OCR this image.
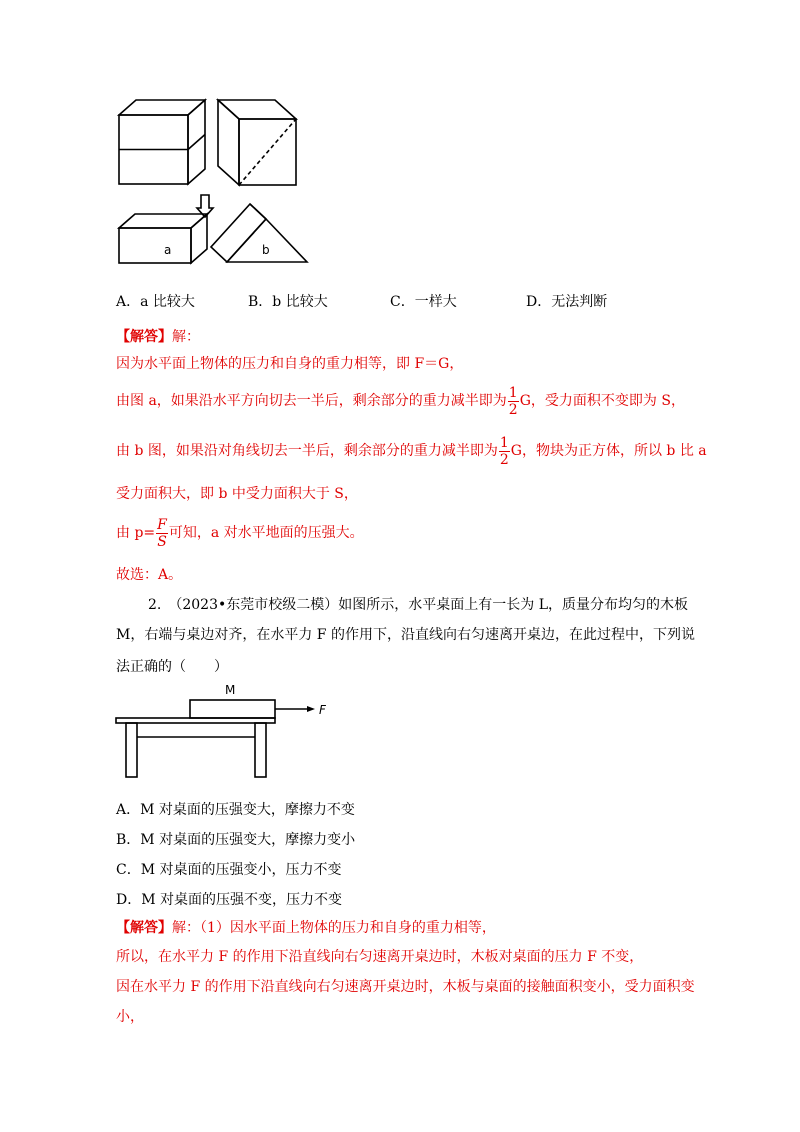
a	b
A．a 比较大	B．b 比较大	C．一样大	D．无法判断
【解答】解：
因为水平面上物体的压力和自身的重力相等，即 F＝G，
由图 a，如果沿水平方向切去一半后，剩余部分的重力减半即为 $\frac{1}{2}$ G，受力面积不变即为 S，
由 b 图，如果沿对角线切去一半后，剩余部分的重力减半即为 $\frac{1}{2}$ G，物块为正方体，所以 b 比 a
受力面积大，即 b 中受力面积大于 S，
由 $p= \frac{F}{S}$ 可知，a 对水平地面的压强大。
故选：A。
2.　（2023•东莞市校级二模）如图所示，水平桌面上有一长为 L，质量分布均匀的木板
M，右端与桌边对齐，在水平力 F 的作用下，沿直线向右匀速离开桌边，在此过程中，下列说
法正确的（　　）
M
F
A．M 对桌面的压强变大，摩擦力不变
B．M 对桌面的压强变大，摩擦力变小
C．M 对桌面的压强变小，压力不变
D．M 对桌面的压强不变，压力不变
【解答】解：（1）因水平面上物体的压力和自身的重力相等，
所以，在水平力 F 的作用下沿直线向右匀速离开桌边时，木板对桌面的压力 F 不变，
因在水平力 F 的作用下沿直线向右匀速离开桌边时，木板与桌面的接触面积变小，受力面积变
小，
